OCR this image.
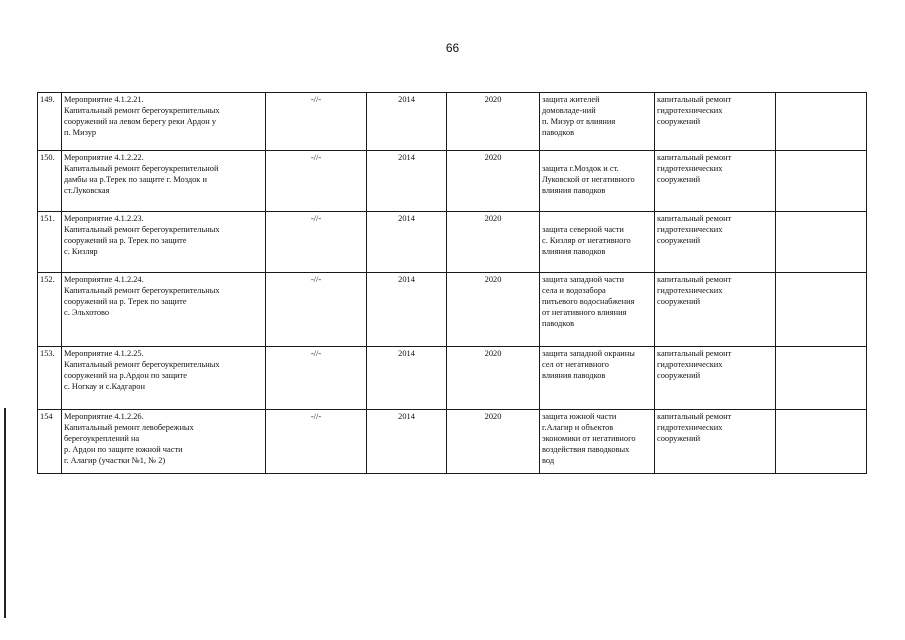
66
149.	Мероприятие 4.1.2.21.
Капитальный ремонт берегоукрепительных
сооружений на левом берегу реки Ардон у
п. Мизур	-//-	2014	2020	защита жителей
домовладе-ний
п. Мизур от влияния
паводков	капитальный ремонт
гидротехнических
сооружений	

150.	Мероприятие 4.1.2.22.
Капитальный ремонт берегоукрепительной
дамбы на р.Терек по защите г. Моздок и
ст.Луковская	-//-	2014	2020	защита г.Моздок и ст.
Луковской от негативного
влияния паводков	капитальный ремонт
гидротехнических
сооружений	

151.	Мероприятие 4.1.2.23.
Капитальный ремонт берегоукрепительных
сооружений на р. Терек по защите
с. Кизляр	-//-	2014	2020	защита северной части
с. Кизляр от негативного
влияния паводков	капитальный ремонт
гидротехнических
сооружений	

152.	Мероприятие 4.1.2.24.
Капитальный ремонт берегоукрепительных
сооружений на р. Терек по защите
с. Эльхотово	-//-	2014	2020	защита западной части
села и водозабора
питьевого водоснабжения
от негативного влияния
паводков	капитальный ремонт
гидротехнических
сооружений	

153.	Мероприятие 4.1.2.25.
Капитальный ремонт берегоукрепительных
сооружений на р.Ардон по защите
с. Ногкау и с.Кадгарон	-//-	2014	2020	защита западной окраины
сел от негативного
влияния паводков	капитальный ремонт
гидротехнических
сооружений	

154	Мероприятие 4.1.2.26.
Капитальный ремонт левобережных
берегоукреплений на
р. Ардон по защите южной части
г. Алагир (участки №1, № 2)	-//-	2014	2020	защита южной части
г.Алагир и объектов
экономики от негативного
воздействия паводковых
вод	капитальный ремонт
гидротехнических
сооружений	
